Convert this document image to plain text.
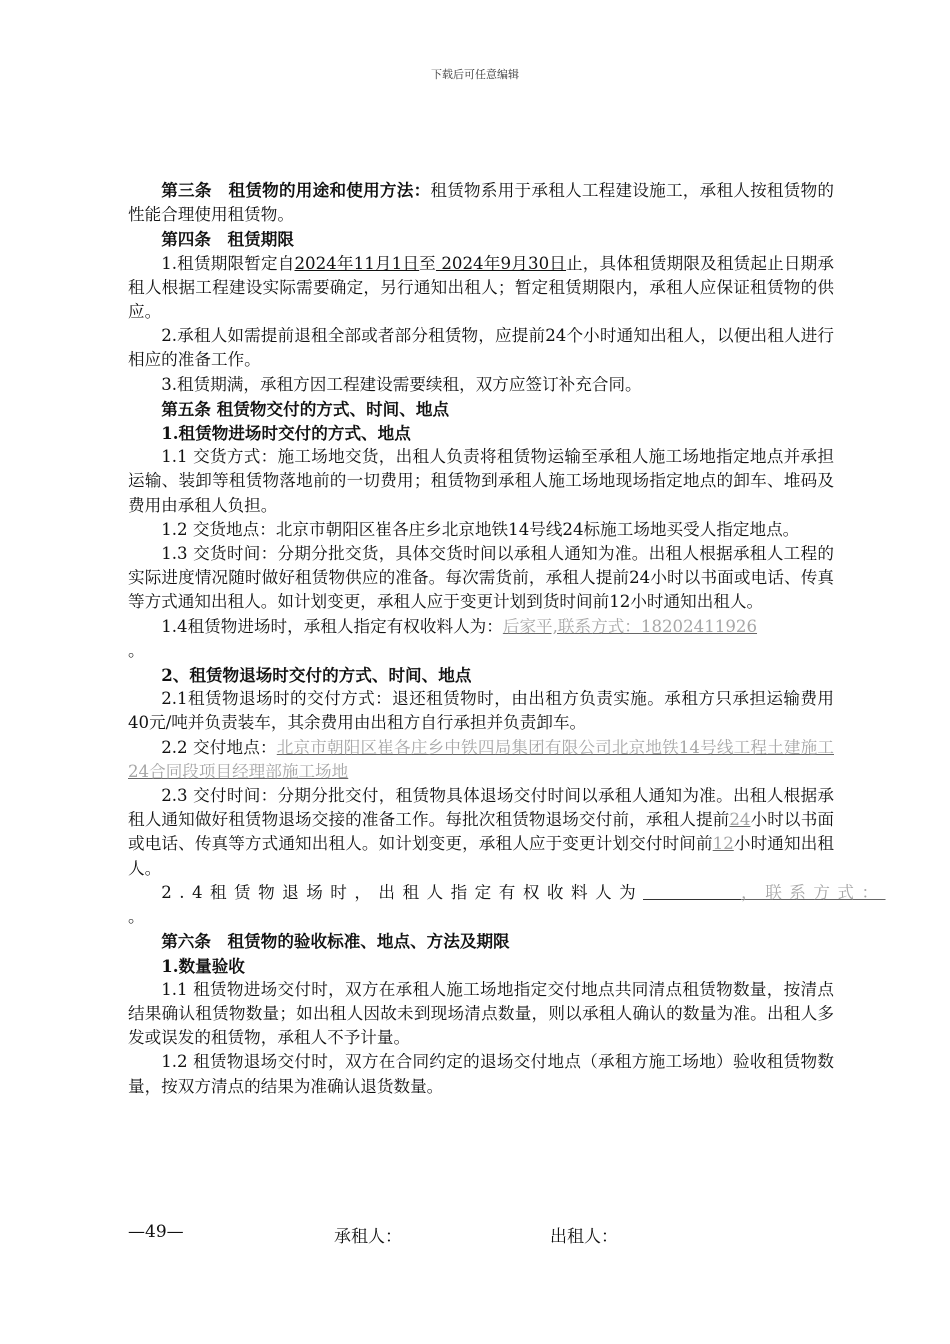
下载后可任意编辑

第三条　租赁物的用途和使用方法：租赁物系用于承租人工程建设施工，承租人按租赁物的性能合理使用租赁物。

第四条　租赁期限

1.租赁期限暂定自2024年11月1日至 2024年9月30日止，具体租赁期限及租赁起止日期承租人根据工程建设实际需要确定，另行通知出租人；暂定租赁期限内，承租人应保证租赁物的供应。

2.承租人如需提前退租全部或者部分租赁物，应提前24个小时通知出租人，以便出租人进行相应的准备工作。

3.租赁期满，承租方因工程建设需要续租，双方应签订补充合同。

第五条 租赁物交付的方式、时间、地点

1.租赁物进场时交付的方式、地点

1.1 交货方式：施工场地交货，出租人负责将租赁物运输至承租人施工场地指定地点并承担运输、装卸等租赁物落地前的一切费用；租赁物到承租人施工场地现场指定地点的卸车、堆码及费用由承租人负担。

1.2 交货地点：北京市朝阳区崔各庄乡北京地铁14号线24标施工场地买受人指定地点。

1.3 交货时间：分期分批交货，具体交货时间以承租人通知为准。出租人根据承租人工程的实际进度情况随时做好租赁物供应的准备。每次需货前，承租人提前24小时以书面或电话、传真等方式通知出租人。如计划变更，承租人应于变更计划到货时间前12小时通知出租人。

1.4租赁物进场时，承租人指定有权收料人为：后家平,联系方式：18202411926

。

2、租赁物退场时交付的方式、时间、地点

2.1租赁物退场时的交付方式：退还租赁物时，由出租方负责实施。承租方只承担运输费用40元/吨并负责装车，其余费用由出租方自行承担并负责卸车。

2.2 交付地点：北京市朝阳区崔各庄乡中铁四局集团有限公司北京地铁14号线工程土建施工24合同段项目经理部施工场地

2.3 交付时间：分期分批交付，租赁物具体退场交付时间以承租人通知为准。出租人根据承租人通知做好租赁物退场交接的准备工作。每批次租赁物退场交付前，承租人提前24小时以书面或电话、传真等方式通知出租人。如计划变更，承租人应于变更计划交付时间前12小时通知出租人。

2.4租赁物退场时，出租人指定有权收料人为	，联系方式：

。

第六条　租赁物的验收标准、地点、方法及期限

1.数量验收

1.1 租赁物进场交付时，双方在承租人施工场地指定交付地点共同清点租赁物数量，按清点结果确认租赁物数量；如出租人因故未到现场清点数量，则以承租人确认的数量为准。出租人多发或误发的租赁物，承租人不予计量。

1.2 租赁物退场交付时，双方在合同约定的退场交付地点（承租方施工场地）验收租赁物数量，按双方清点的结果为准确认退货数量。

—49—	承租人：	出租人：
